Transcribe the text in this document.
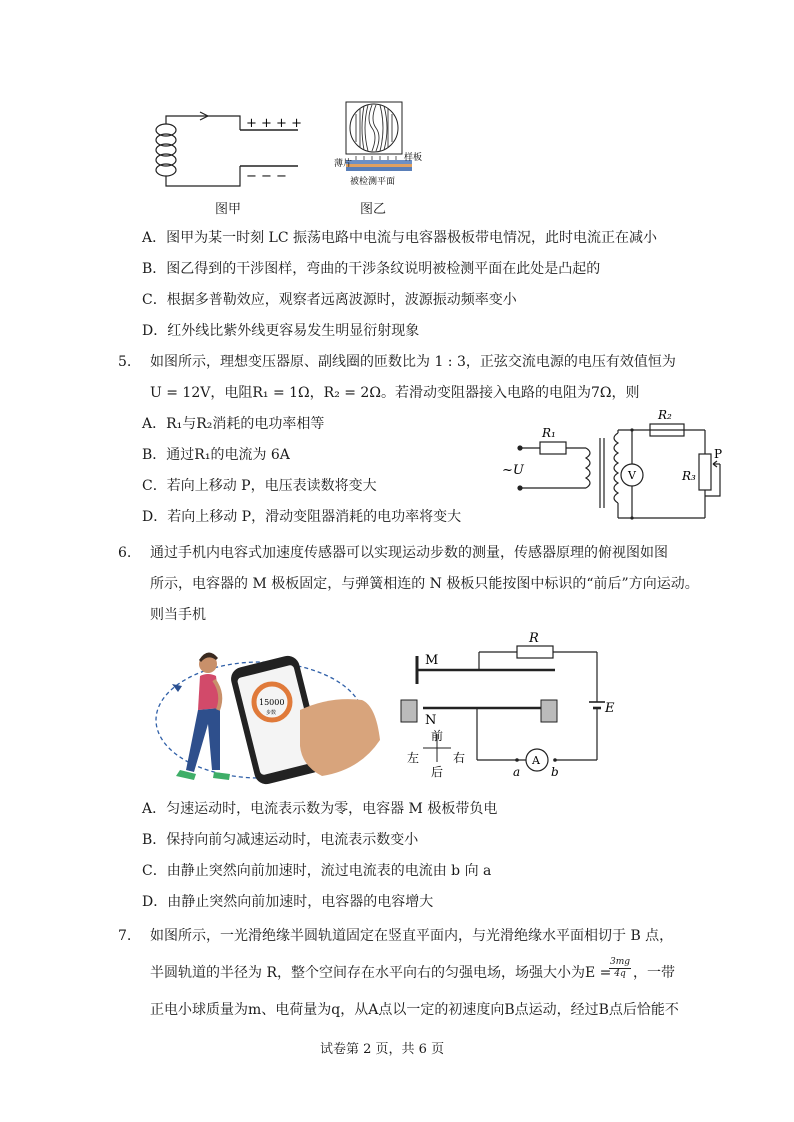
+ + + +
− − −
薄片
样板
被检测平面
图甲	图乙
A．图甲为某一时刻 LC 振荡电路中电流与电容器极板带电情况，此时电流正在减小
B．图乙得到的干涉图样，弯曲的干涉条纹说明被检测平面在此处是凸起的
C．根据多普勒效应，观察者远离波源时，波源振动频率变小
D．红外线比紫外线更容易发生明显衍射现象
5. 如图所示，理想变压器原、副线圈的匝数比为 1 : 3，正弦交流电源的电压有效值恒为
U = 12V，电阻R₁ = 1Ω，R₂ = 2Ω。若滑动变阻器接入电路的电阻为7Ω，则
A．R₁与R₂消耗的电功率相等
B．通过R₁的电流为 6A
C．若向上移动 P，电压表读数将变大
D．若向上移动 P，滑动变阻器消耗的电功率将变大
R₁
R₂
R₃
P
V
~U
6. 通过手机内电容式加速度传感器可以实现运动步数的测量，传感器原理的俯视图如图
所示，电容器的 M 极板固定，与弹簧相连的 N 极板只能按图中标识的“前后”方向运动。
则当手机
15000
步数
M
N
R
E
A
a	b
前
后
左	右
A．匀速运动时，电流表示数为零，电容器 M 极板带负电
B．保持向前匀减速运动时，电流表示数变小
C．由静止突然向前加速时，流过电流表的电流由 b 向 a
D．由静止突然向前加速时，电容器的电容增大
7. 如图所示，一光滑绝缘半圆轨道固定在竖直平面内，与光滑绝缘水平面相切于 B 点，
半圆轨道的半径为 R，整个空间存在水平向右的匀强电场，场强大小为E =
$\frac{3mg}{4q}$ ，一带
正电小球质量为m、电荷量为q，从A点以一定的初速度向B点运动，经过B点后恰能不
试卷第 2 页，共 6 页
